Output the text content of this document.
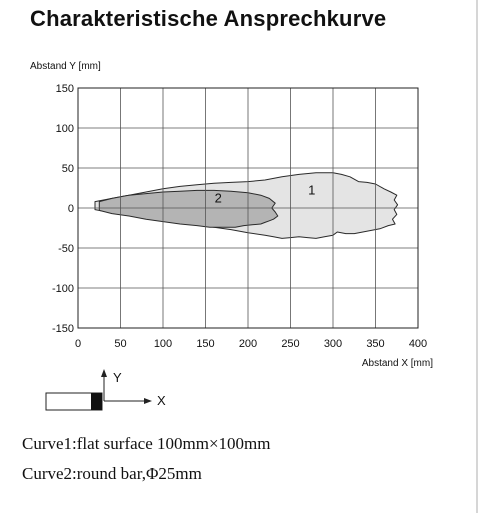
Charakteristische Ansprechkurve
Abstand Y [mm]
Abstand X [mm]
0	50 100 150 200 250 300 350 400
150
100
50
0
-50
-100
-150
1
2
Y
X
Curve1:flat surface 100mm×100mm
Curve2:round bar,Φ25mm
